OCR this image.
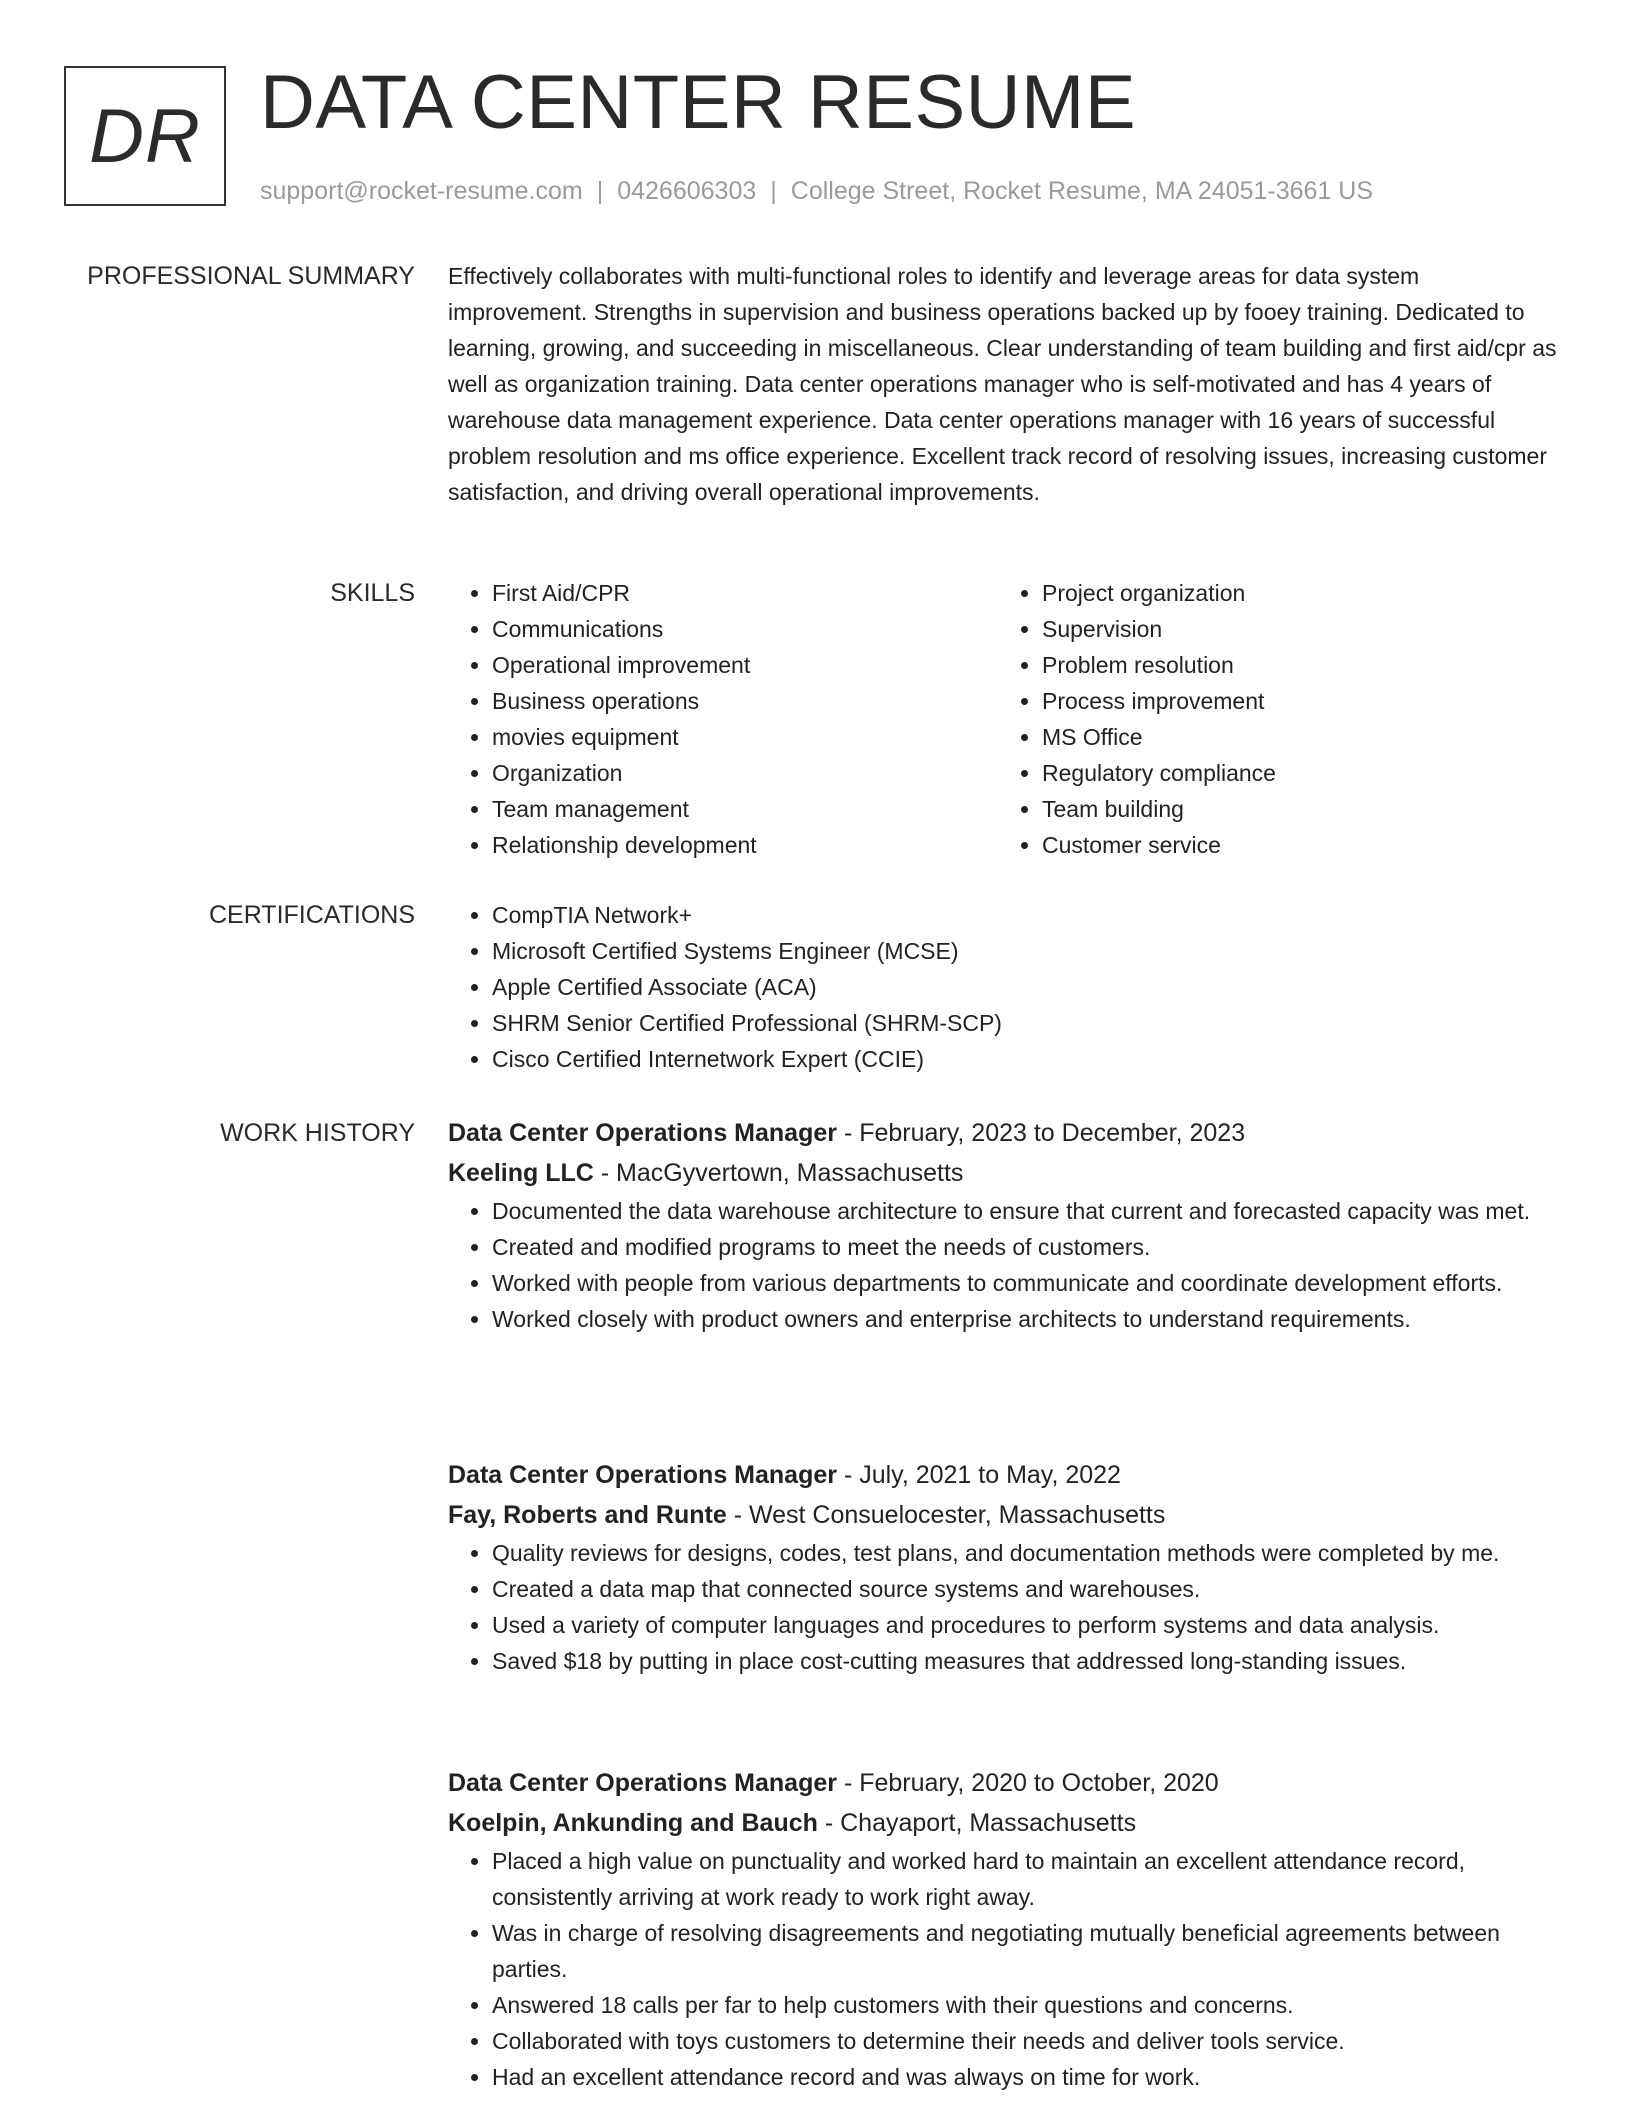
DR DATA CENTER RESUME
support@rocket-resume.com | 0426606303 | College Street, Rocket Resume, MA 24051-3661 US
PROFESSIONAL SUMMARY Effectively collaborates with multi-functional roles to identify and leverage areas for data system improvement. Strengths in supervision and business operations backed up by fooey training. Dedicated to learning, growing, and succeeding in miscellaneous. Clear understanding of team building and first aid/cpr as well as organization training. Data center operations manager who is self-motivated and has 4 years of warehouse data management experience. Data center operations manager with 16 years of successful problem resolution and ms office experience. Excellent track record of resolving issues, increasing customer satisfaction, and driving overall operational improvements.
SKILLS	• First Aid/CPR
• Communications
• Operational improvement
• Business operations
• movies equipment
• Organization
• Team management
• Relationship development
• Project organization
• Supervision
• Problem resolution
• Process improvement
• MS Office
• Regulatory compliance
• Team building
• Customer service
CERTIFICATIONS	• CompTIA Network+
• Microsoft Certified Systems Engineer (MCSE)
• Apple Certified Associate (ACA)
• SHRM Senior Certified Professional (SHRM-SCP)
• Cisco Certified Internetwork Expert (CCIE)
WORK HISTORY Data Center Operations Manager - February, 2023 to December, 2023
Keeling LLC - MacGyvertown, Massachusetts
• Documented the data warehouse architecture to ensure that current and forecasted capacity was met.
• Created and modified programs to meet the needs of customers.
• Worked with people from various departments to communicate and coordinate development efforts.
• Worked closely with product owners and enterprise architects to understand requirements.
Data Center Operations Manager - July, 2021 to May, 2022
Fay, Roberts and Runte - West Consuelocester, Massachusetts
• Quality reviews for designs, codes, test plans, and documentation methods were completed by me.
• Created a data map that connected source systems and warehouses.
• Used a variety of computer languages and procedures to perform systems and data analysis.
• Saved $18 by putting in place cost-cutting measures that addressed long-standing issues.
Data Center Operations Manager - February, 2020 to October, 2020
Koelpin, Ankunding and Bauch - Chayaport, Massachusetts
• Placed a high value on punctuality and worked hard to maintain an excellent attendance record, consistently arriving at work ready to work right away.
• Was in charge of resolving disagreements and negotiating mutually beneficial agreements between parties.
• Answered 18 calls per far to help customers with their questions and concerns.
• Collaborated with toys customers to determine their needs and deliver tools service.
• Had an excellent attendance record and was always on time for work.
